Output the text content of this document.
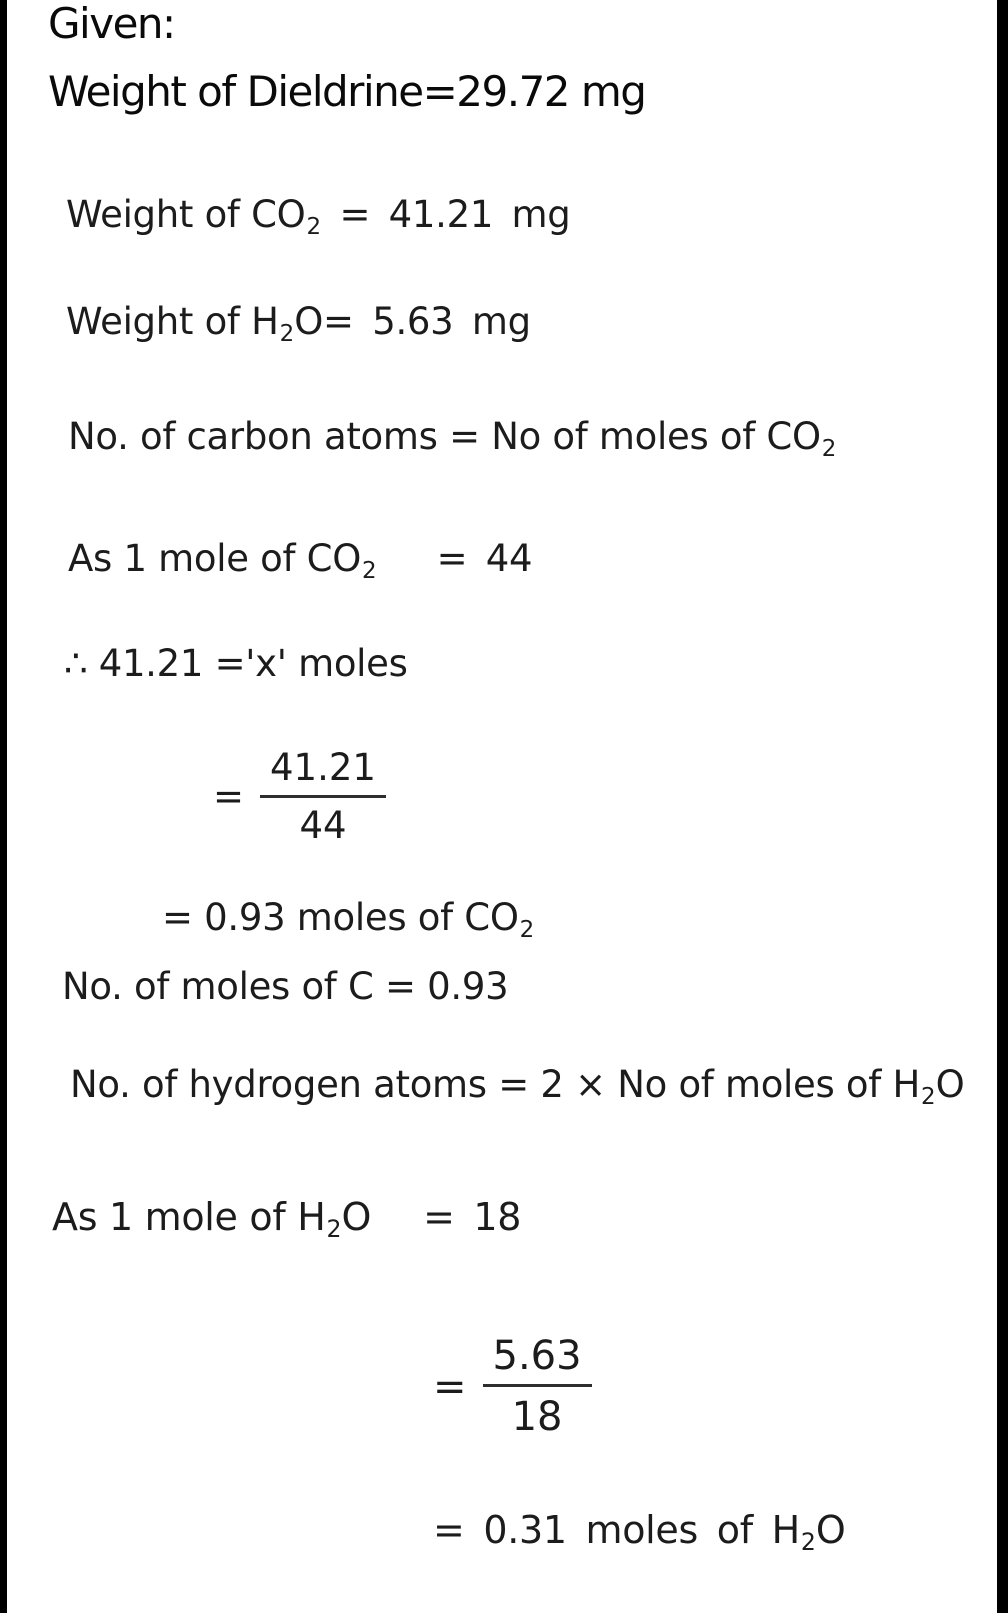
Given:
Weight of Dieldrine=29.72 mg
Weight of CO2 = 41.21 mg
Weight of H2O= 5.63 mg
No. of carbon atoms = No of moles of CO2
As 1 mole of CO2 = 44
∴ 41.21 ='x' moles
= $\frac{41.21}{44}$
= 0.93 moles of CO2
No. of moles of C = 0.93
No. of hydrogen atoms = 2 × No of moles of H2O
As 1 mole of H2O = 18
= $\frac{5.63}{18}$
= 0.31 moles of H2O
